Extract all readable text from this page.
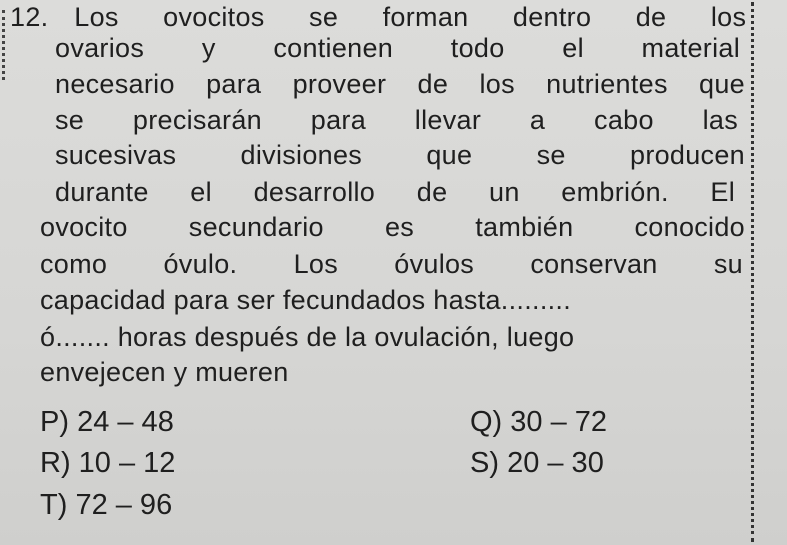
12. Los ovocitos se forman dentro de los
ovarios y contienen todo el material
necesario para proveer de los nutrientes que
se precisarán para llevar a cabo las
sucesivas divisiones que se producen
durante el desarrollo de un embrión. El
ovocito secundario es también conocido
como óvulo. Los óvulos conservan su
capacidad para ser fecundados hasta.........
ó....... horas después de la ovulación, luego
envejecen y mueren
P) 24 – 48	Q) 30 – 72
R) 10 – 12	S) 20 – 30
T) 72 – 96
